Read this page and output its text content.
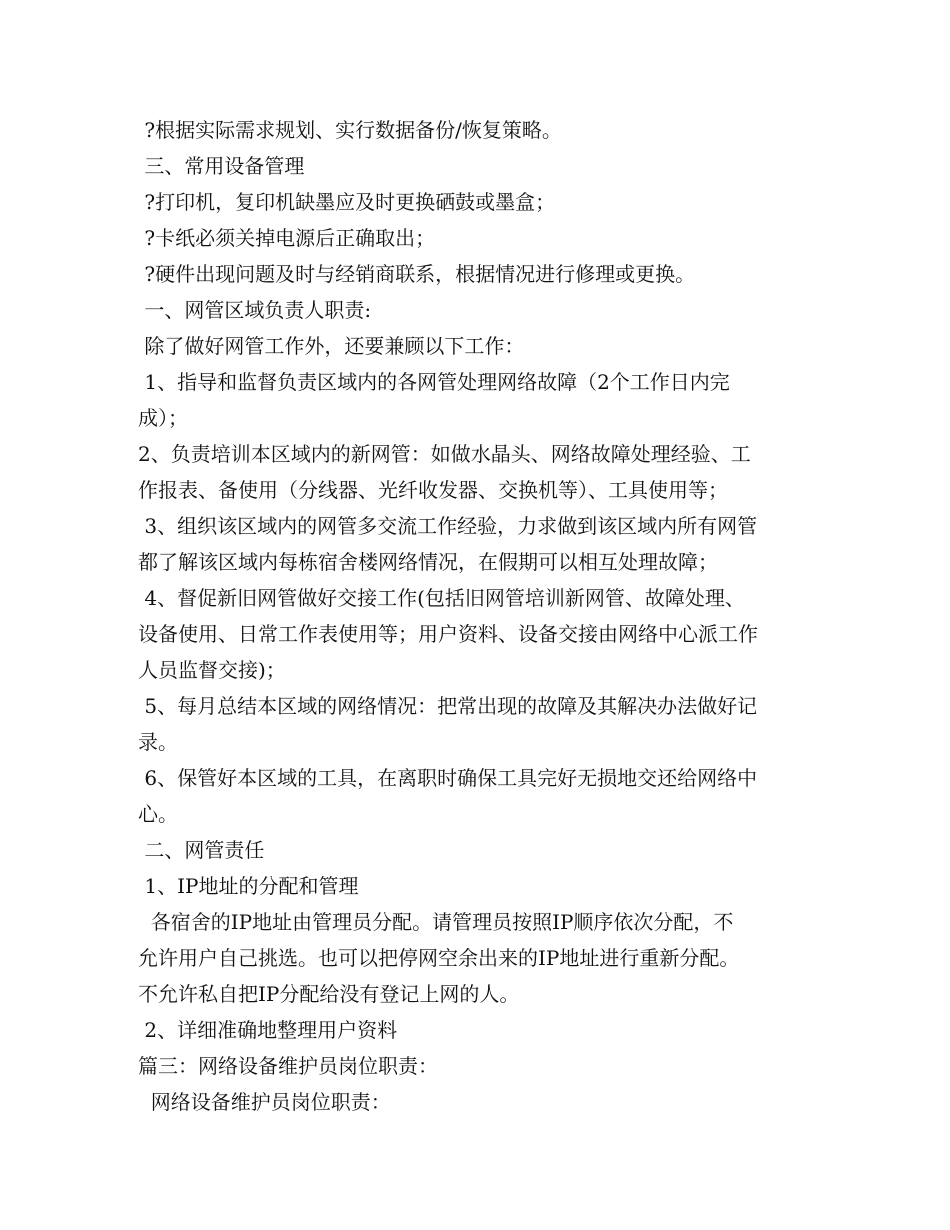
?根据实际需求规划、实行数据备份/恢复策略。
三、常用设备管理
?打印机，复印机缺墨应及时更换硒鼓或墨盒；
?卡纸必须关掉电源后正确取出；
?硬件出现问题及时与经销商联系，根据情况进行修理或更换。
一、网管区域负责人职责:
除了做好网管工作外，还要兼顾以下工作：
1、指导和监督负责区域内的各网管处理网络故障（2个工作日内完
成）；
2、负责培训本区域内的新网管：如做水晶头、网络故障处理经验、工
作报表、备使用（分线器、光纤收发器、交换机等）、工具使用等；
3、组织该区域内的网管多交流工作经验，力求做到该区域内所有网管
都了解该区域内每栋宿舍楼网络情况，在假期可以相互处理故障；
4、督促新旧网管做好交接工作(包括旧网管培训新网管、故障处理、
设备使用、日常工作表使用等；用户资料、设备交接由网络中心派工作
人员监督交接)；
5、每月总结本区域的网络情况：把常出现的故障及其解决办法做好记
录。
6、保管好本区域的工具，在离职时确保工具完好无损地交还给网络中
心。
二、网管责任
1、IP地址的分配和管理
各宿舍的IP地址由管理员分配。请管理员按照IP顺序依次分配，不
允许用户自己挑选。也可以把停网空余出来的IP地址进行重新分配。
不允许私自把IP分配给没有登记上网的人。
2、详细准确地整理用户资料
篇三：网络设备维护员岗位职责：
网络设备维护员岗位职责：
